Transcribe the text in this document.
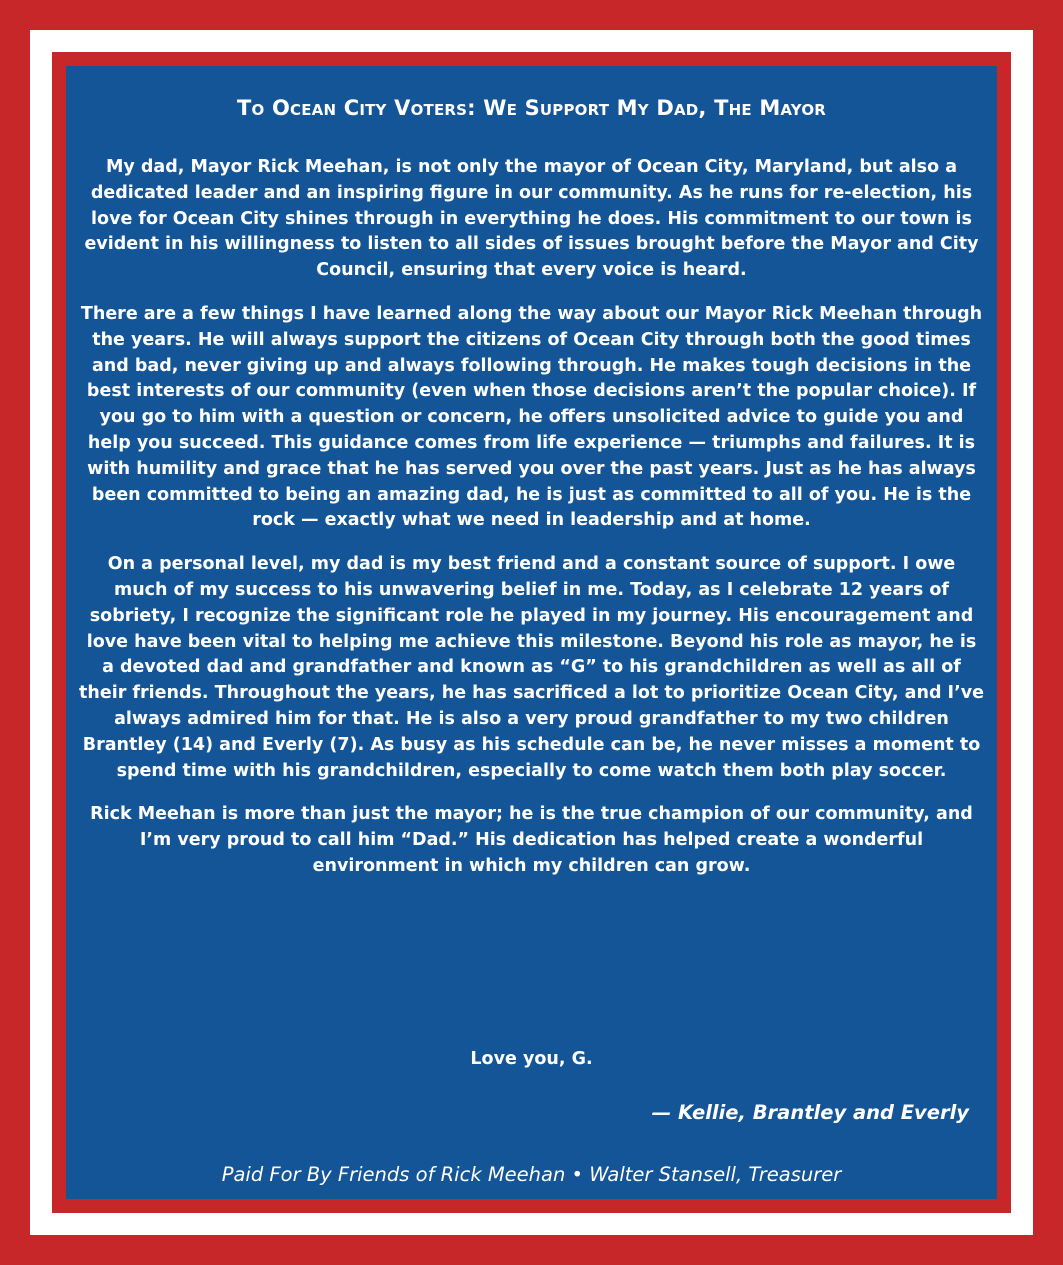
To Ocean City Voters: We Support My Dad, The Mayor

My dad, Mayor Rick Meehan, is not only the mayor of Ocean City, Maryland, but also a dedicated leader and an inspiring figure in our community. As he runs for re-election, his love for Ocean City shines through in everything he does. His commitment to our town is evident in his willingness to listen to all sides of issues brought before the Mayor and City Council, ensuring that every voice is heard.

There are a few things I have learned along the way about our Mayor Rick Meehan through the years. He will always support the citizens of Ocean City through both the good times and bad, never giving up and always following through. He makes tough decisions in the best interests of our community (even when those decisions aren’t the popular choice). If you go to him with a question or concern, he offers unsolicited advice to guide you and help you succeed. This guidance comes from life experience — triumphs and failures. It is with humility and grace that he has served you over the past years. Just as he has always been committed to being an amazing dad, he is just as committed to all of you. He is the rock — exactly what we need in leadership and at home.

On a personal level, my dad is my best friend and a constant source of support. I owe much of my success to his unwavering belief in me. Today, as I celebrate 12 years of sobriety, I recognize the significant role he played in my journey. His encouragement and love have been vital to helping me achieve this milestone. Beyond his role as mayor, he is a devoted dad and grandfather and known as “G” to his grandchildren as well as all of their friends. Throughout the years, he has sacrificed a lot to prioritize Ocean City, and I’ve always admired him for that. He is also a very proud grandfather to my two children Brantley (14) and Everly (7). As busy as his schedule can be, he never misses a moment to spend time with his grandchildren, especially to come watch them both play soccer.

Rick Meehan is more than just the mayor; he is the true champion of our community, and I’m very proud to call him “Dad.” His dedication has helped create a wonderful environment in which my children can grow.

Love you, G.

— Kellie, Brantley and Everly

Paid For By Friends of Rick Meehan • Walter Stansell, Treasurer
